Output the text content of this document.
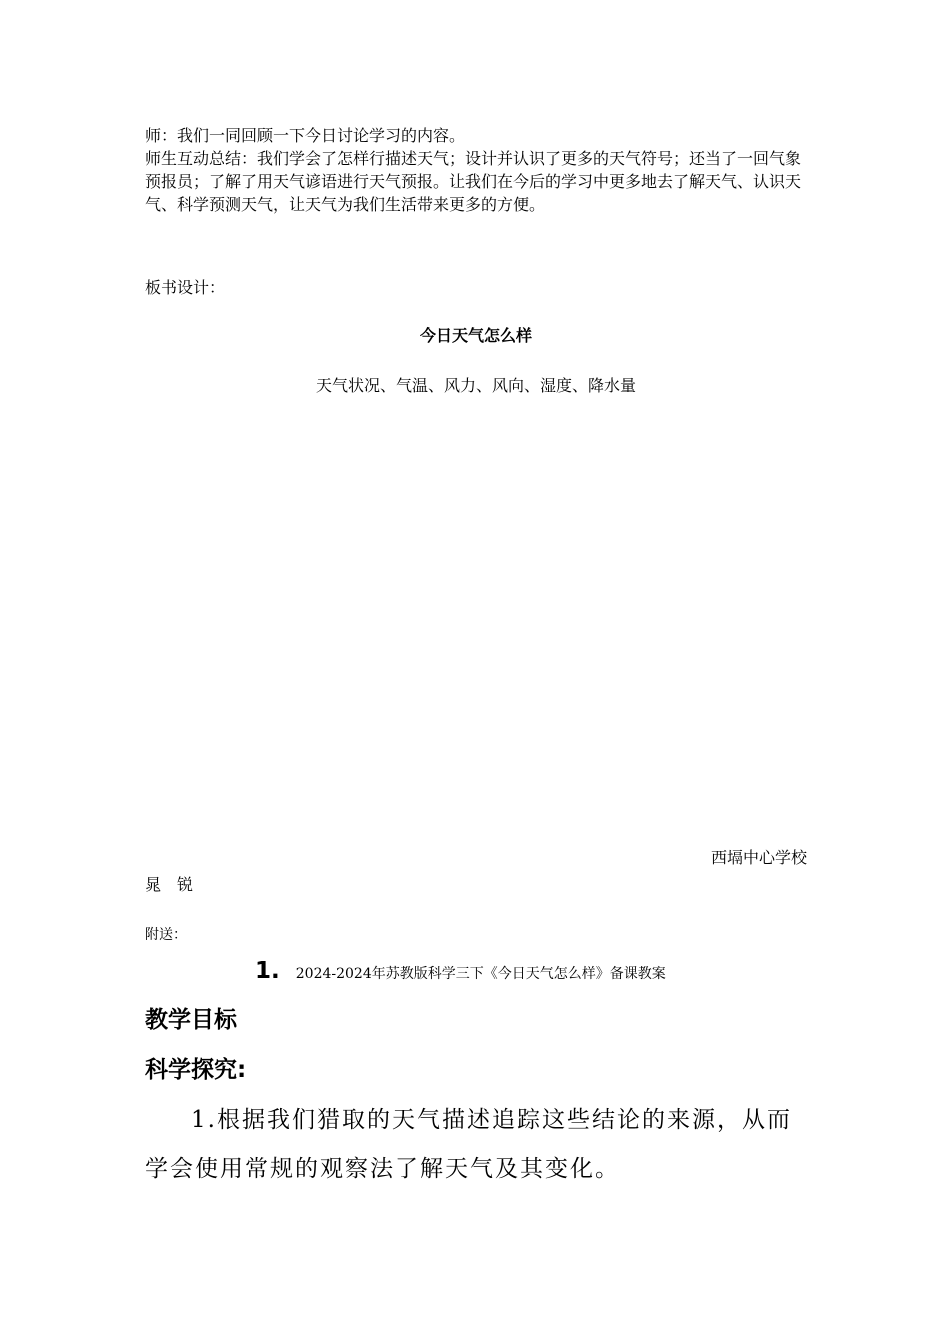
师：我们一同回顾一下今日讨论学习的内容。
师生互动总结：我们学会了怎样行描述天气；设计并认识了更多的天气符号；还当了一回气象预报员；了解了用天气谚语进行天气预报。让我们在今后的学习中更多地去了解天气、认识天气、科学预测天气，让天气为我们生活带来更多的方便。
板书设计：
今日天气怎么样
天气状况、气温、风力、风向、湿度、降水量
西塥中心学校
晁　锐
附送：
1. 2024-2024年苏教版科学三下《今日天气怎么样》备课教案
教学目标
科学探究:
1.根据我们猎取的天气描述追踪这些结论的来源，从而学会使用常规的观察法了解天气及其变化。
